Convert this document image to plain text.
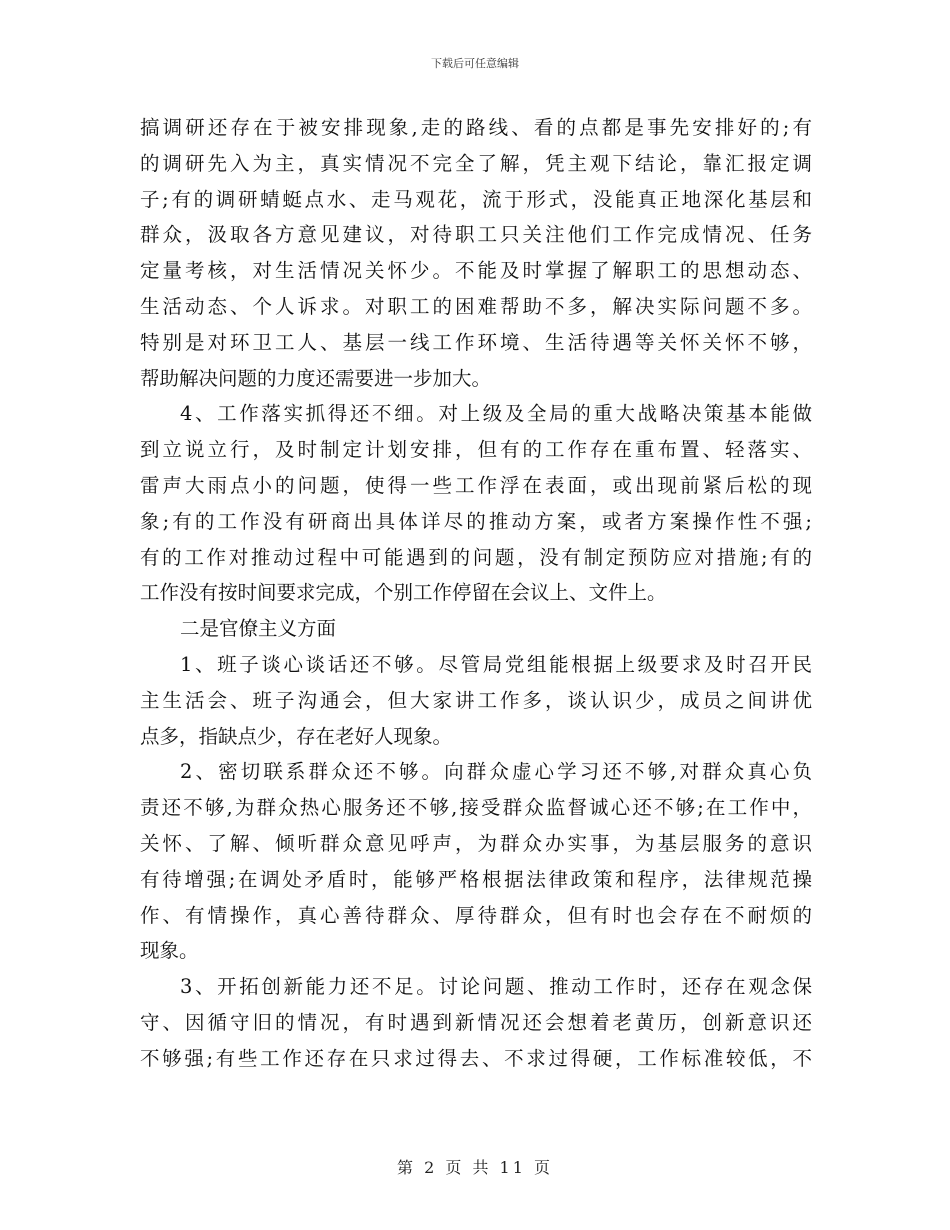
下载后可任意编辑
搞调研还存在于被安排现象,走的路线、看的点都是事先安排好的;有
的调研先入为主，真实情况不完全了解，凭主观下结论，靠汇报定调
子;有的调研蜻蜓点水、走马观花，流于形式，没能真正地深化基层和
群众，汲取各方意见建议，对待职工只关注他们工作完成情况、任务
定量考核，对生活情况关怀少。不能及时掌握了解职工的思想动态、
生活动态、个人诉求。对职工的困难帮助不多，解决实际问题不多。
特别是对环卫工人、基层一线工作环境、生活待遇等关怀关怀不够，
帮助解决问题的力度还需要进一步加大。
4、工作落实抓得还不细。对上级及全局的重大战略决策基本能做
到立说立行，及时制定计划安排，但有的工作存在重布置、轻落实、
雷声大雨点小的问题，使得一些工作浮在表面，或出现前紧后松的现
象;有的工作没有研商出具体详尽的推动方案，或者方案操作性不强;
有的工作对推动过程中可能遇到的问题，没有制定预防应对措施;有的
工作没有按时间要求完成，个别工作停留在会议上、文件上。
二是官僚主义方面
1、班子谈心谈话还不够。尽管局党组能根据上级要求及时召开民
主生活会、班子沟通会，但大家讲工作多，谈认识少，成员之间讲优
点多，指缺点少，存在老好人现象。
2、密切联系群众还不够。向群众虚心学习还不够,对群众真心负
责还不够,为群众热心服务还不够,接受群众监督诚心还不够;在工作中，
关怀、了解、倾听群众意见呼声，为群众办实事，为基层服务的意识
有待增强;在调处矛盾时，能够严格根据法律政策和程序，法律规范操
作、有情操作，真心善待群众、厚待群众，但有时也会存在不耐烦的
现象。
3、开拓创新能力还不足。讨论问题、推动工作时，还存在观念保
守、因循守旧的情况，有时遇到新情况还会想着老黄历，创新意识还
不够强;有些工作还存在只求过得去、不求过得硬，工作标准较低，不
第 2 页 共 11 页
